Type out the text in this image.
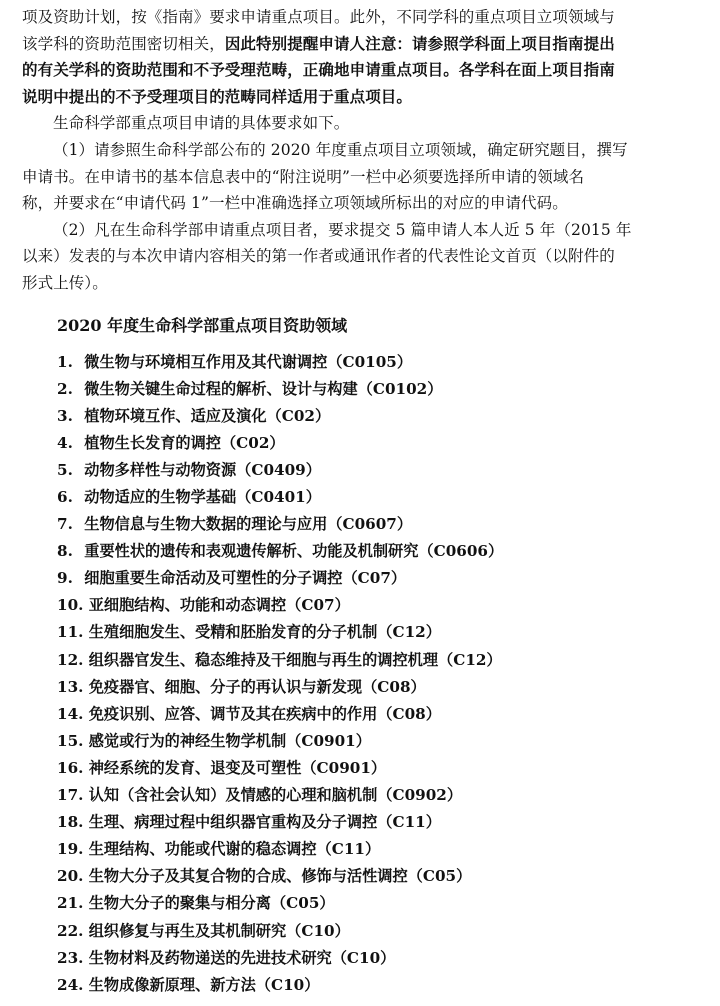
项及资助计划，按《指南》要求申请重点项目。此外，不同学科的重点项目立项领域与
该学科的资助范围密切相关，因此特别提醒申请人注意：请参照学科面上项目指南提出
的有关学科的资助范围和不予受理范畴，正确地申请重点项目。各学科在面上项目指南
说明中提出的不予受理项目的范畴同样适用于重点项目。

生命科学部重点项目申请的具体要求如下。

（1）请参照生命科学部公布的 2020 年度重点项目立项领域，确定研究题目，撰写
申请书。在申请书的基本信息表中的“附注说明”一栏中必须要选择所申请的领域名
称，并要求在“申请代码 1”一栏中准确选择立项领域所标出的对应的申请代码。

（2）凡在生命科学部申请重点项目者，要求提交 5 篇申请人本人近 5 年（2015 年
以来）发表的与本次申请内容相关的第一作者或通讯作者的代表性论文首页（以附件的
形式上传）。

2020 年度生命科学部重点项目资助领域
1. 微生物与环境相互作用及其代谢调控（C0105）
2. 微生物关键生命过程的解析、设计与构建（C0102）
3. 植物环境互作、适应及演化（C02）
4. 植物生长发育的调控（C02）
5. 动物多样性与动物资源（C0409）
6. 动物适应的生物学基础（C0401）
7. 生物信息与生物大数据的理论与应用（C0607）
8. 重要性状的遗传和表观遗传解析、功能及机制研究（C0606）
9. 细胞重要生命活动及可塑性的分子调控（C07）
10. 亚细胞结构、功能和动态调控（C07）
11. 生殖细胞发生、受精和胚胎发育的分子机制（C12）
12. 组织器官发生、稳态维持及干细胞与再生的调控机理（C12）
13. 免疫器官、细胞、分子的再认识与新发现（C08）
14. 免疫识别、应答、调节及其在疾病中的作用（C08）
15. 感觉或行为的神经生物学机制（C0901）
16. 神经系统的发育、退变及可塑性（C0901）
17. 认知（含社会认知）及情感的心理和脑机制（C0902）
18. 生理、病理过程中组织器官重构及分子调控（C11）
19. 生理结构、功能或代谢的稳态调控（C11）
20. 生物大分子及其复合物的合成、修饰与活性调控（C05）
21. 生物大分子的聚集与相分离（C05）
22. 组织修复与再生及其机制研究（C10）
23. 生物材料及药物递送的先进技术研究（C10）
24. 生物成像新原理、新方法（C10）
